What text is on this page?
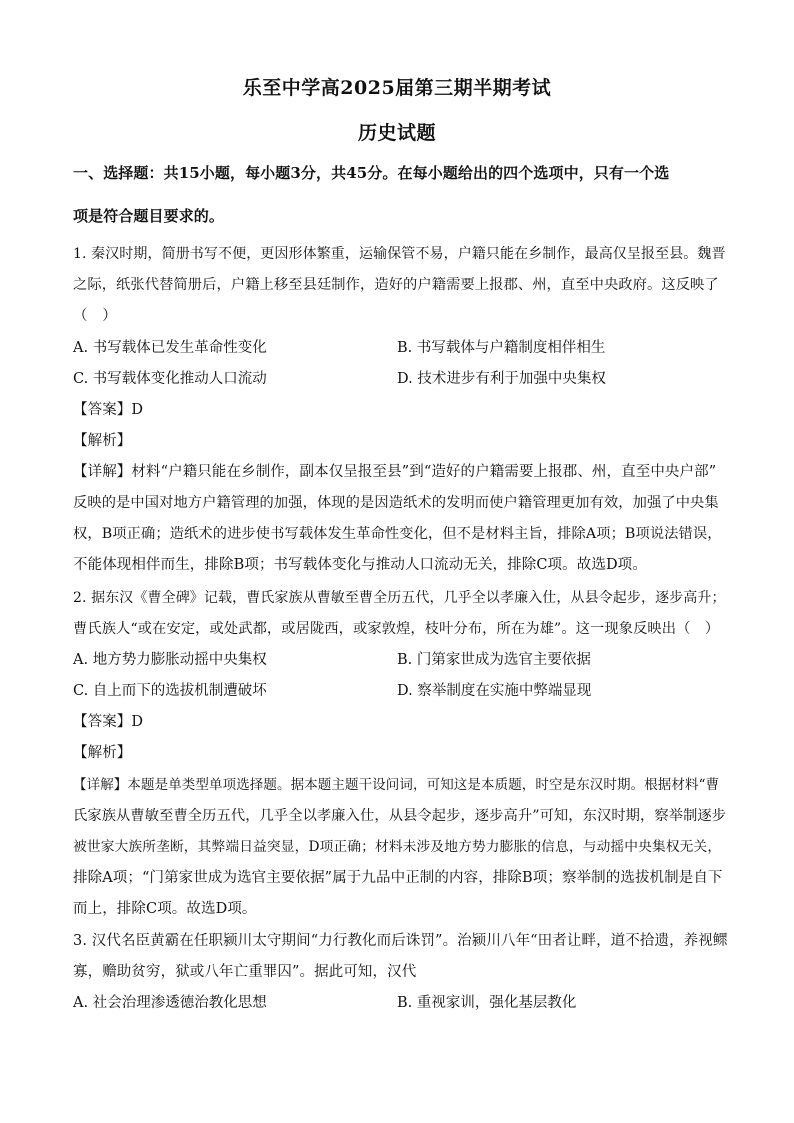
乐至中学高2025届第三期半期考试
历史试题
一、选择题：共15小题，每小题3分，共45分。在每小题给出的四个选项中，只有一个选
项是符合题目要求的。
1. 秦汉时期，简册书写不便，更因形体繁重，运输保管不易，户籍只能在乡制作，最高仅呈报至县。魏晋
之际，纸张代替简册后，户籍上移至县廷制作，造好的户籍需要上报郡、州，直至中央政府。这反映了
（　）
A. 书写载体已发生革命性变化	B. 书写载体与户籍制度相伴相生
C. 书写载体变化推动人口流动	D. 技术进步有利于加强中央集权
【答案】D
【解析】
【详解】材料“户籍只能在乡制作，副本仅呈报至县”到“造好的户籍需要上报郡、州，直至中央户部”
反映的是中国对地方户籍管理的加强，体现的是因造纸术的发明而使户籍管理更加有效，加强了中央集
权，B项正确；造纸术的进步使书写载体发生革命性变化，但不是材料主旨，排除A项；B项说法错误，
不能体现相伴而生，排除B项；书写载体变化与推动人口流动无关，排除C项。故选D项。
2. 据东汉《曹全碑》记载，曹氏家族从曹敏至曹全历五代，几乎全以孝廉入仕，从县令起步，逐步高升；
曹氏族人“或在安定，或处武都，或居陇西，或家敦煌，枝叶分布，所在为雄”。这一现象反映出（　）
A. 地方势力膨胀动摇中央集权	B. 门第家世成为选官主要依据
C. 自上而下的选拔机制遭破坏	D. 察举制度在实施中弊端显现
【答案】D
【解析】
【详解】本题是单类型单项选择题。据本题主题干设问词，可知这是本质题，时空是东汉时期。根据材料“曹
氏家族从曹敏至曹全历五代，几乎全以孝廉入仕，从县令起步，逐步高升”可知，东汉时期，察举制逐步
被世家大族所垄断，其弊端日益突显，D项正确；材料未涉及地方势力膨胀的信息，与动摇中央集权无关，
排除A项；“门第家世成为选官主要依据”属于九品中正制的内容，排除B项；察举制的选拔机制是自下
而上，排除C项。故选D项。
3. 汉代名臣黄霸在任职颍川太守期间“力行教化而后诛罚”。治颍川八年“田者让畔，道不拾遗，养视鳏
寡，赡助贫穷，狱或八年亡重罪囚”。据此可知，汉代
A. 社会治理渗透德治教化思想	B. 重视家训，强化基层教化
